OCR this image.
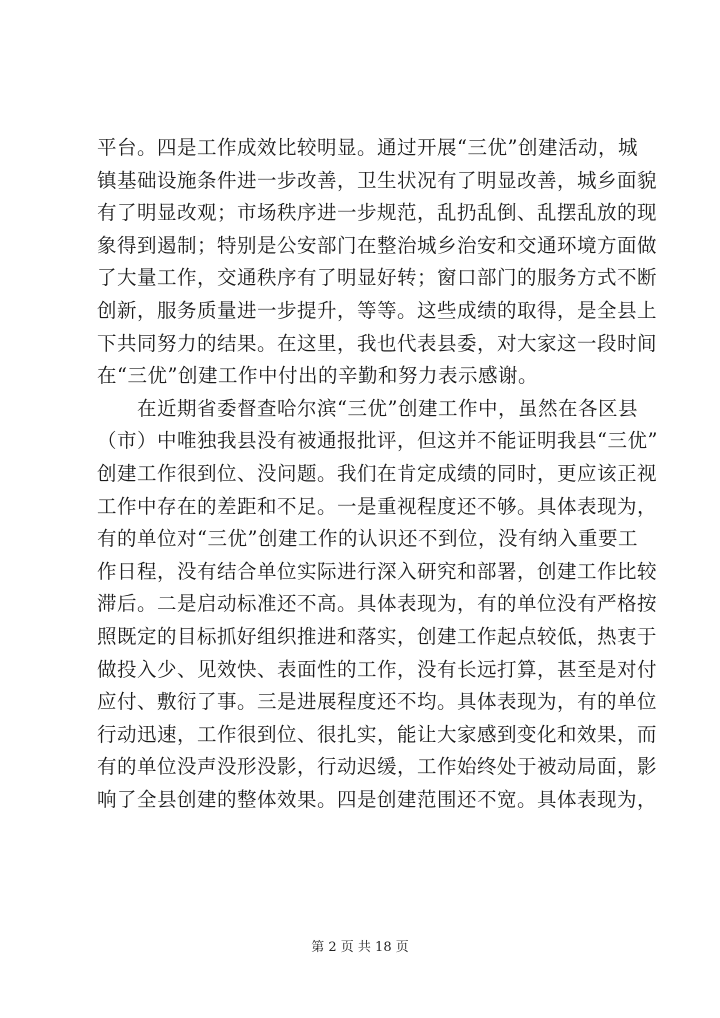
平台。四是工作成效比较明显。通过开展“三优”创建活动，城
镇基础设施条件进一步改善，卫生状况有了明显改善，城乡面貌
有了明显改观；市场秩序进一步规范，乱扔乱倒、乱摆乱放的现
象得到遏制；特别是公安部门在整治城乡治安和交通环境方面做
了大量工作，交通秩序有了明显好转；窗口部门的服务方式不断
创新，服务质量进一步提升，等等。这些成绩的取得，是全县上
下共同努力的结果。在这里，我也代表县委，对大家这一段时间
在“三优”创建工作中付出的辛勤和努力表示感谢。
　　在近期省委督查哈尔滨“三优”创建工作中，虽然在各区县
（市）中唯独我县没有被通报批评，但这并不能证明我县“三优”
创建工作很到位、没问题。我们在肯定成绩的同时，更应该正视
工作中存在的差距和不足。一是重视程度还不够。具体表现为，
有的单位对“三优”创建工作的认识还不到位，没有纳入重要工
作日程，没有结合单位实际进行深入研究和部署，创建工作比较
滞后。二是启动标准还不高。具体表现为，有的单位没有严格按
照既定的目标抓好组织推进和落实，创建工作起点较低，热衷于
做投入少、见效快、表面性的工作，没有长远打算，甚至是对付
应付、敷衍了事。三是进展程度还不均。具体表现为，有的单位
行动迅速，工作很到位、很扎实，能让大家感到变化和效果，而
有的单位没声没形没影，行动迟缓，工作始终处于被动局面，影
响了全县创建的整体效果。四是创建范围还不宽。具体表现为，
第 2 页 共 18 页
